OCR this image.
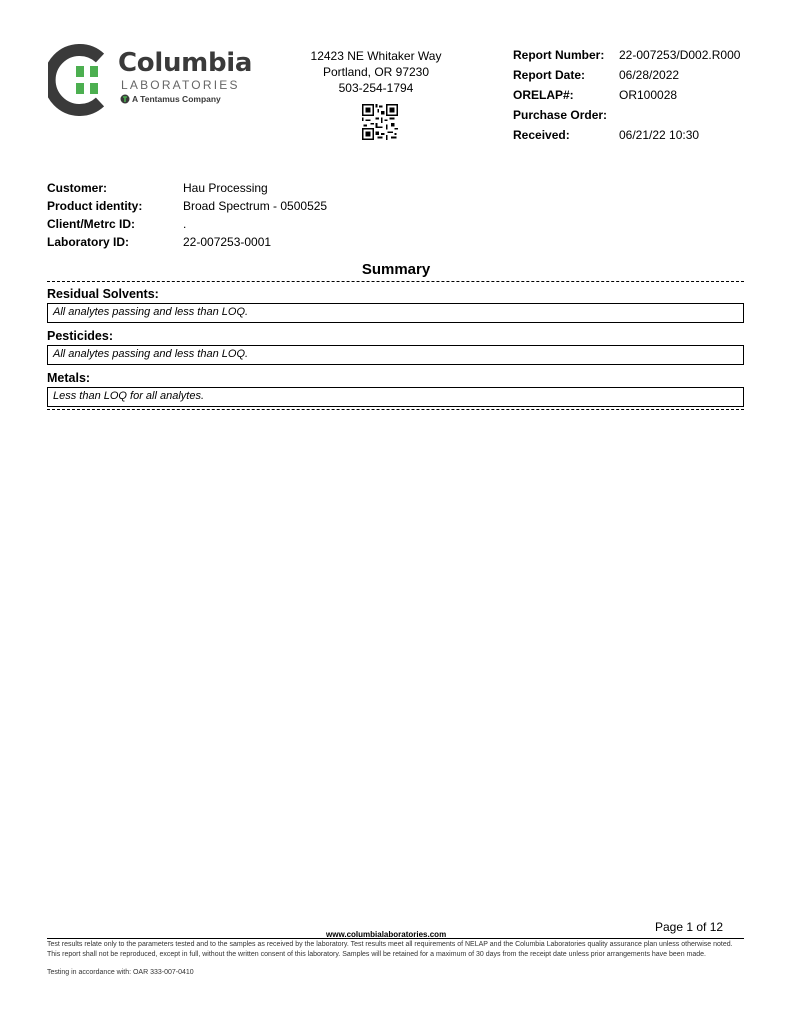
Columbia
LABORATORIES
A Tentamus Company
12423 NE Whitaker Way
Portland, OR 97230
503-254-1794
Report Number: 22-007253/D002.R000
Report Date:	06/28/2022
ORELAP#:	OR100028
Purchase Order:
Received:	06/21/22 10:30
Customer:	Hau Processing
Product identity:	Broad Spectrum - 0500525
Client/Metrc ID:	.
Laboratory ID:	22-007253-0001
Summary
Residual Solvents:
All analytes passing and less than LOQ.
Pesticides:
All analytes passing and less than LOQ.
Metals:
Less than LOQ for all analytes.
Page 1 of 12
www.columbialaboratories.com
Test results relate only to the parameters tested and to the samples as received by the laboratory. Test results meet all requirements of NELAP and the Columbia Laboratories quality assurance plan unless otherwise noted. This report shall not be reproduced, except in full, without the written consent of this laboratory. Samples will be retained for a maximum of 30 days from the receipt date unless prior arrangements have been made.
Testing in accordance with: OAR 333-007-0410
